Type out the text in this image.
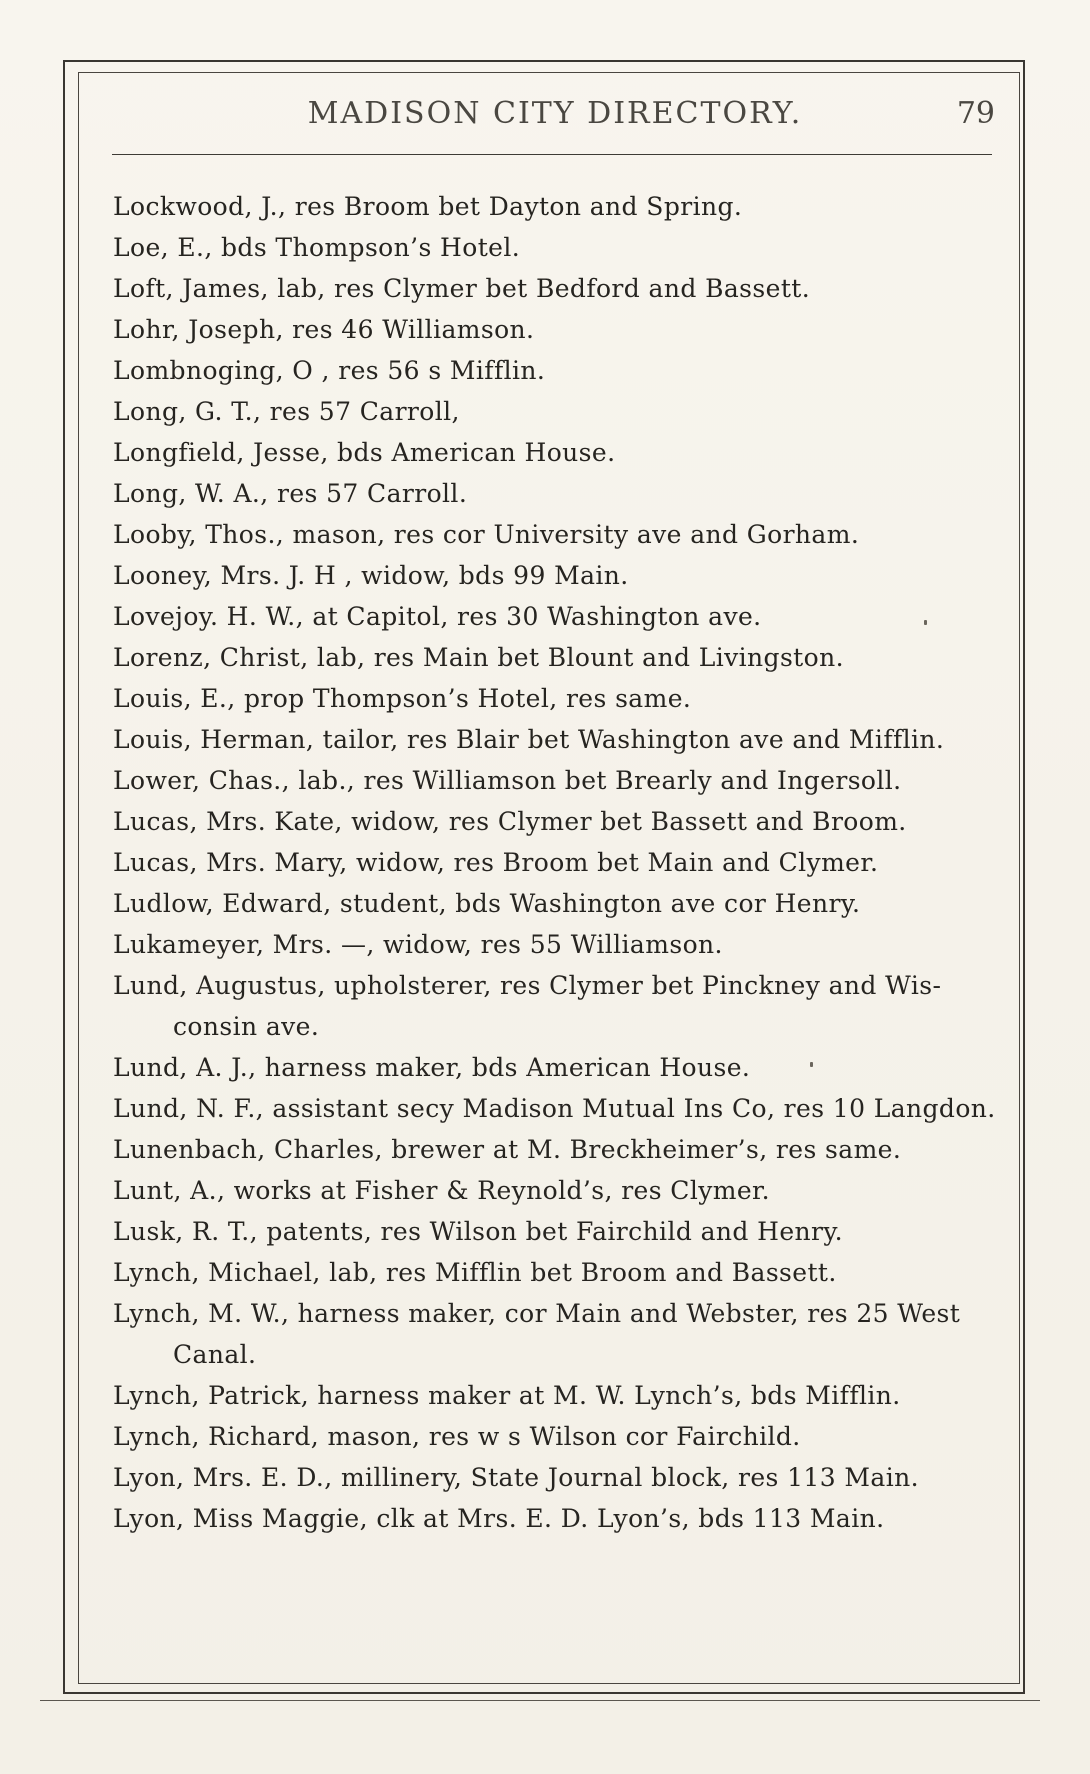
MADISON CITY DIRECTORY.	79
Lockwood, J., res Broom bet Dayton and Spring.
Loe, E., bds Thompson’s Hotel.
Loft, James, lab, res Clymer bet Bedford and Bassett.
Lohr, Joseph, res 46 Williamson.
Lombnoging, O , res 56 s Mifflin.
Long, G. T., res 57 Carroll,
Longfield, Jesse, bds American House.
Long, W. A., res 57 Carroll.
Looby, Thos., mason, res cor University ave and Gorham.
Looney, Mrs. J. H , widow, bds 99 Main.
Lovejoy. H. W., at Capitol, res 30 Washington ave.
Lorenz, Christ, lab, res Main bet Blount and Livingston.
Louis, E., prop Thompson’s Hotel, res same.
Louis, Herman, tailor, res Blair bet Washington ave and Mifflin.
Lower, Chas., lab., res Williamson bet Brearly and Ingersoll.
Lucas, Mrs. Kate, widow, res Clymer bet Bassett and Broom.
Lucas, Mrs. Mary, widow, res Broom bet Main and Clymer.
Ludlow, Edward, student, bds Washington ave cor Henry.
Lukameyer, Mrs. —, widow, res 55 Williamson.
Lund, Augustus, upholsterer, res Clymer bet Pinckney and Wis-
consin ave.
Lund, A. J., harness maker, bds American House.
Lund, N. F., assistant secy Madison Mutual Ins Co, res 10 Langdon.
Lunenbach, Charles, brewer at M. Breckheimer’s, res same.
Lunt, A., works at Fisher & Reynold’s, res Clymer.
Lusk, R. T., patents, res Wilson bet Fairchild and Henry.
Lynch, Michael, lab, res Mifflin bet Broom and Bassett.
Lynch, M. W., harness maker, cor Main and Webster, res 25 West
Canal.
Lynch, Patrick, harness maker at M. W. Lynch’s, bds Mifflin.
Lynch, Richard, mason, res w s Wilson cor Fairchild.
Lyon, Mrs. E. D., millinery, State Journal block, res 113 Main.
Lyon, Miss Maggie, clk at Mrs. E. D. Lyon’s, bds 113 Main.
